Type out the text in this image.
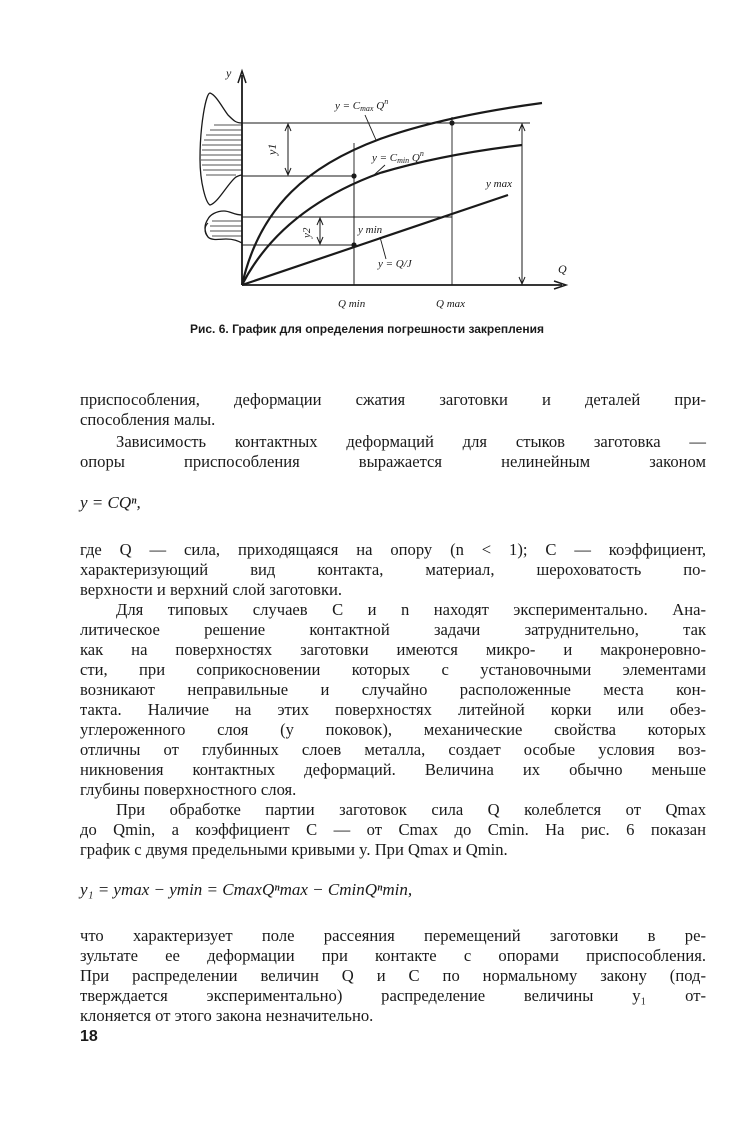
y
Q
y = Cmax $Q^n$
y = Cmin $Q^n$
y = Q/J
y1
y2	y min
y max
Q min	Q max
Рис. 6. График для определения погрешности закрепления
приспособления, деформации сжатия заготовки и деталей при-
способления малы.
Зависимость контактных деформаций для стыков заготовка —
опоры приспособления выражается нелинейным законом
y = CQⁿ,
где Q — сила, приходящаяся на опору (n < 1); C — коэффициент,
характеризующий вид контакта, материал, шероховатость по-
верхности и верхний слой заготовки.
Для типовых случаев C и n находят экспериментально. Ана-
литическое решение контактной задачи затруднительно, так
как на поверхностях заготовки имеются микро- и макронеровно-
сти, при соприкосновении которых с установочными элементами
возникают неправильные и случайно расположенные места кон-
такта. Наличие на этих поверхностях литейной корки или обез-
углероженного слоя (у поковок), механические свойства которых
отличны от глубинных слоев металла, создает особые условия воз-
никновения контактных деформаций. Величина их обычно меньше
глубины поверхностного слоя.
При обработке партии заготовок сила Q колеблется от Qmax
до Qmin, а коэффициент C — от Cmax до Cmin. На рис. 6 показан
график с двумя предельными кривыми y. При Qmax и Qmin.
y₁ = ymax − ymin = CmaxQⁿmax − CminQⁿmin,
что характеризует поле рассеяния перемещений заготовки в ре-
зультате ее деформации при контакте с опорами приспособления.
При распределении величин Q и C по нормальному закону (под-
тверждается экспериментально) распределение величины y₁ от-
клоняется от этого закона незначительно.
18
